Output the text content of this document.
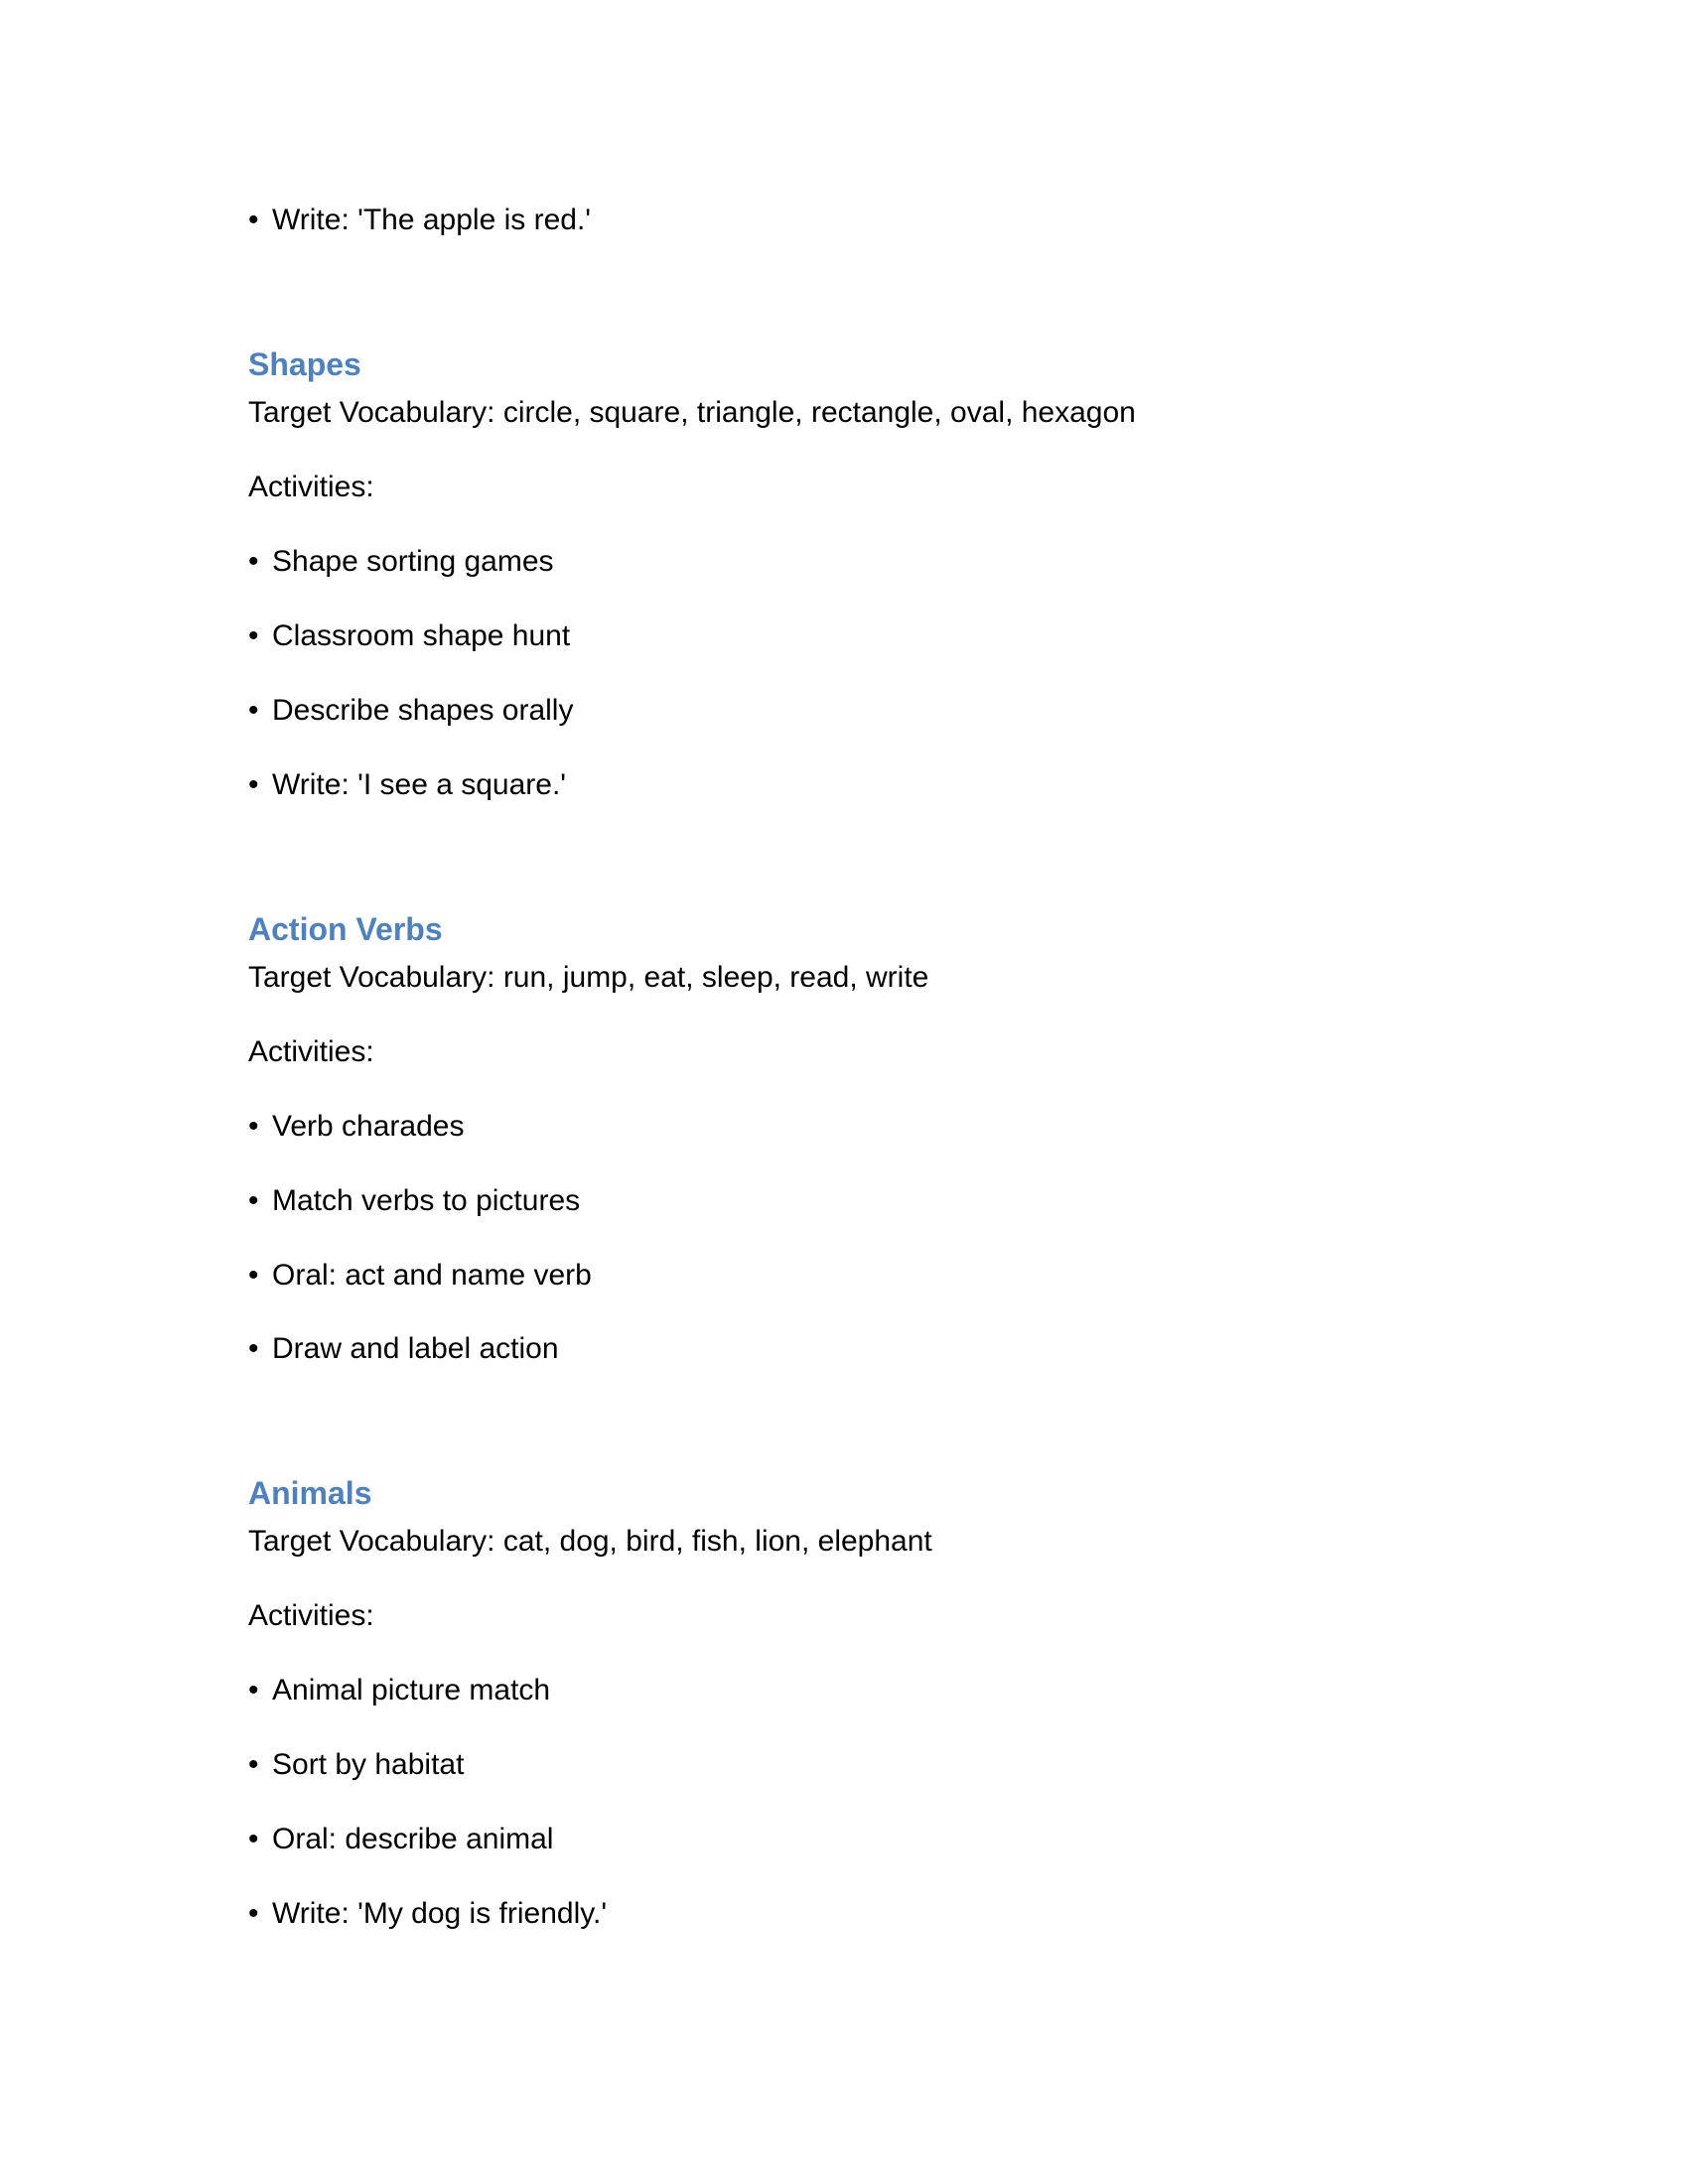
• Write: 'The apple is red.'
Shapes
Target Vocabulary: circle, square, triangle, rectangle, oval, hexagon
Activities:
• Shape sorting games
• Classroom shape hunt
• Describe shapes orally
• Write: 'I see a square.'
Action Verbs
Target Vocabulary: run, jump, eat, sleep, read, write
Activities:
• Verb charades
• Match verbs to pictures
• Oral: act and name verb
• Draw and label action
Animals
Target Vocabulary: cat, dog, bird, fish, lion, elephant
Activities:
• Animal picture match
• Sort by habitat
• Oral: describe animal
• Write: 'My dog is friendly.'
